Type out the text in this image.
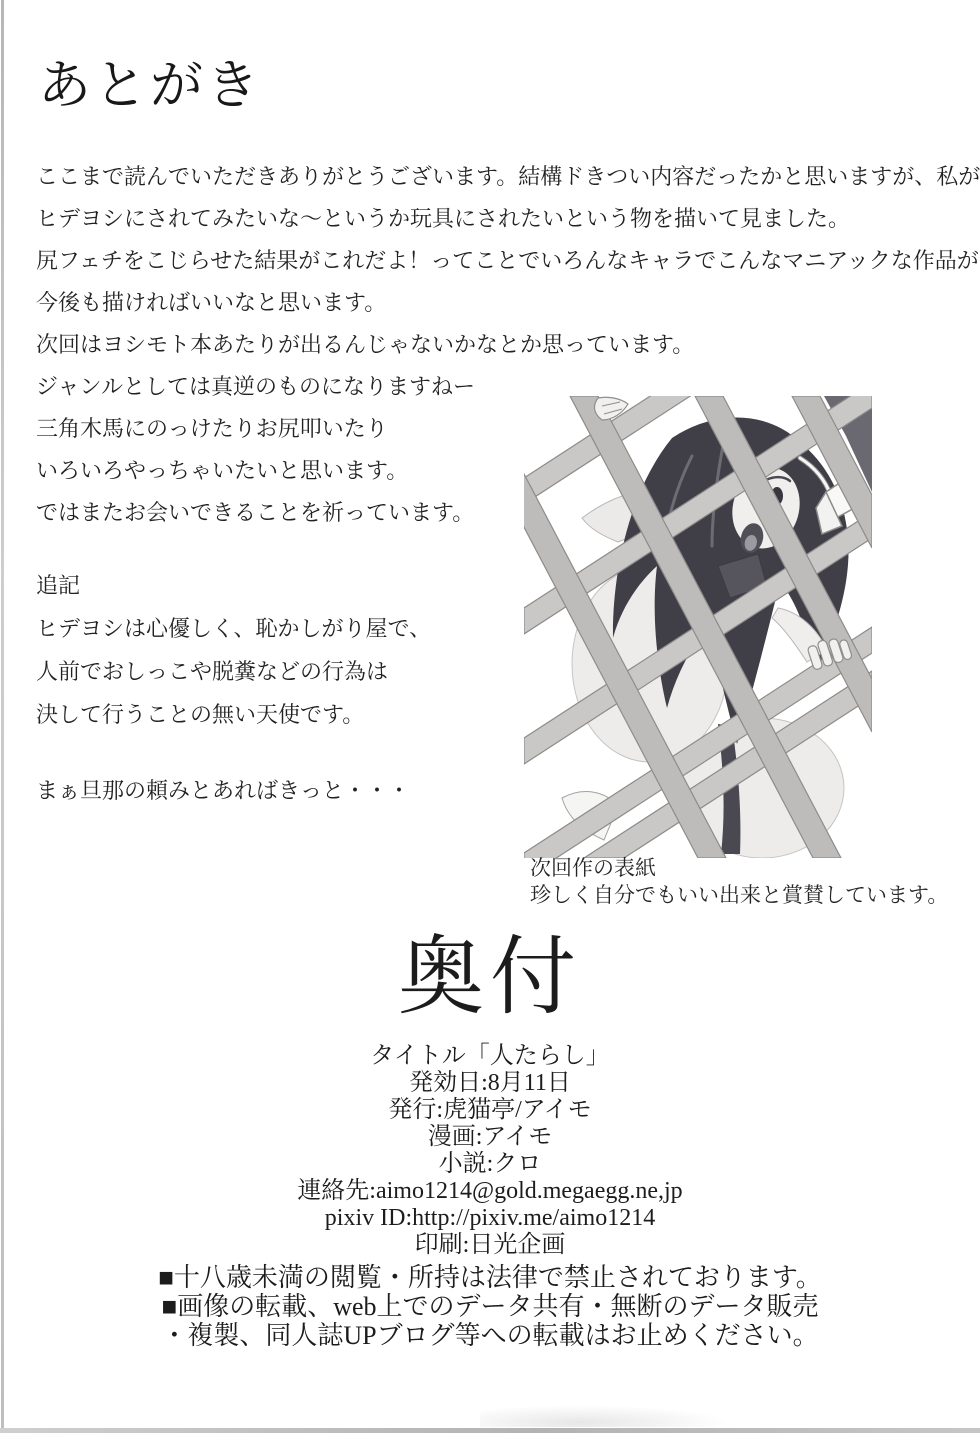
あとがき
ここまで読んでいただきありがとうございます。結構ドきつい内容だったかと思いますが、私が
ヒデヨシにされてみたいな～というか玩具にされたいという物を描いて見ました。
尻フェチをこじらせた結果がこれだよ！ってことでいろんなキャラでこんなマニアックな作品が
今後も描ければいいなと思います。
次回はヨシモト本あたりが出るんじゃないかなとか思っています。
ジャンルとしては真逆のものになりますねー
三角木馬にのっけたりお尻叩いたり
いろいろやっちゃいたいと思います。
ではまたお会いできることを祈っています。
追記
ヒデヨシは心優しく、恥かしがり屋で、
人前でおしっこや脱糞などの行為は
決して行うことの無い天使です。
まぁ旦那の頼みとあればきっと・・・
次回作の表紙
珍しく自分でもいい出来と賞賛しています。
奥付
タイトル「人たらし」
発効日:8月11日
発行:虎猫亭/アイモ
漫画:アイモ
小説:クロ
連絡先:aimo1214@gold.megaegg.ne,jp
pixiv ID:http://pixiv.me/aimo1214
印刷:日光企画
■十八歳未満の閲覧・所持は法律で禁止されております。
■画像の転載、web上でのデータ共有・無断のデータ販売
・複製、同人誌UPブログ等への転載はお止めください。
